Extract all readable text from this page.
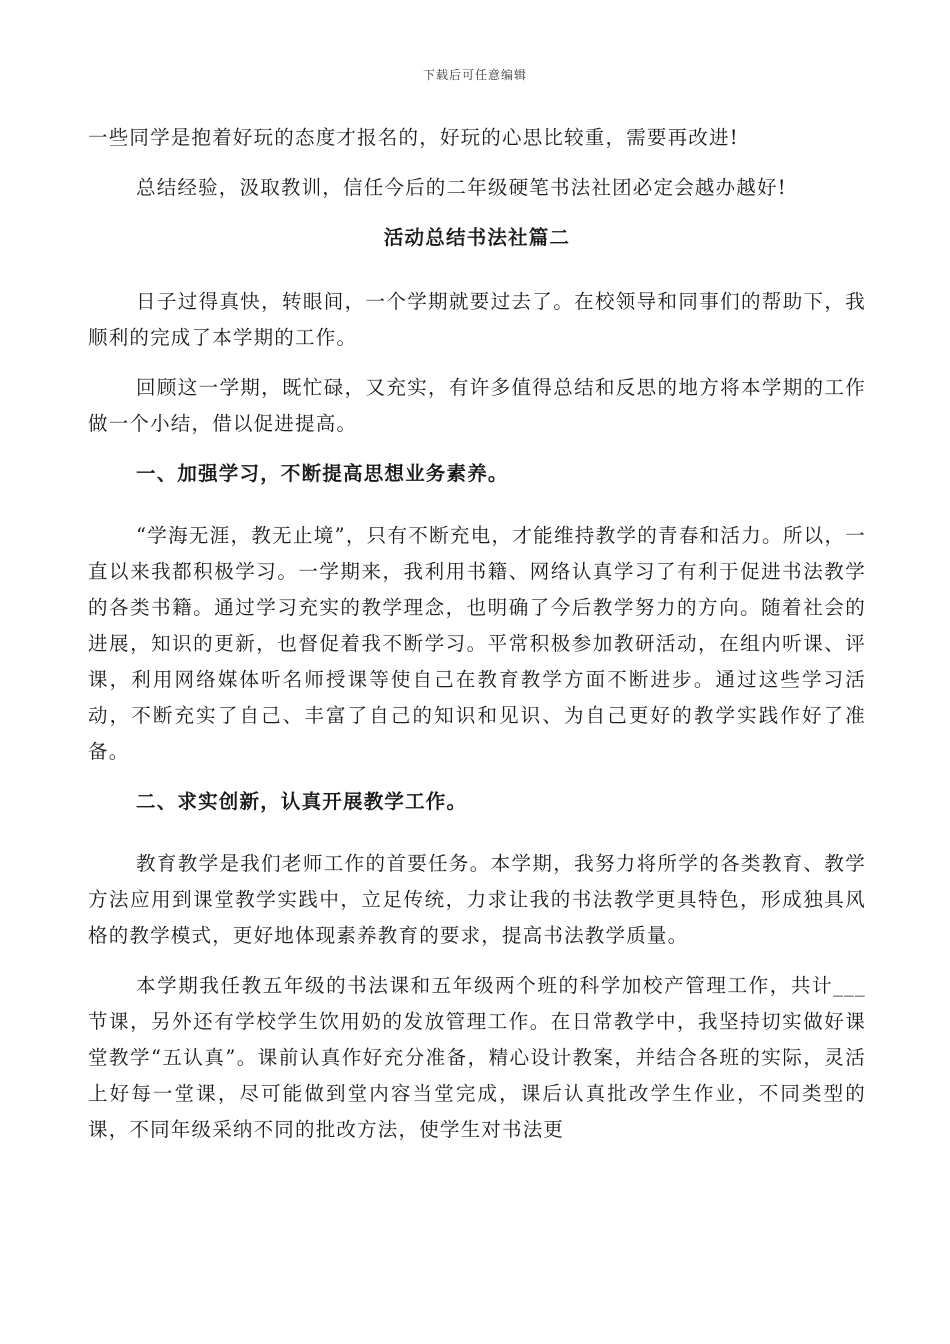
下载后可任意编辑

一些同学是抱着好玩的态度才报名的，好玩的心思比较重，需要再改进!

总结经验，汲取教训，信任今后的二年级硬笔书法社团必定会越办越好!

活动总结书法社篇二

日子过得真快，转眼间，一个学期就要过去了。在校领导和同事们的帮助下，我顺利的完成了本学期的工作。

回顾这一学期，既忙碌，又充实，有许多值得总结和反思的地方将本学期的工作做一个小结，借以促进提高。

一、加强学习，不断提高思想业务素养。

“学海无涯，教无止境”，只有不断充电，才能维持教学的青春和活力。所以，一直以来我都积极学习。一学期来，我利用书籍、网络认真学习了有利于促进书法教学的各类书籍。通过学习充实的教学理念，也明确了今后教学努力的方向。随着社会的进展，知识的更新，也督促着我不断学习。平常积极参加教研活动，在组内听课、评课，利用网络媒体听名师授课等使自己在教育教学方面不断进步。通过这些学习活动，不断充实了自己、丰富了自己的知识和见识、为自己更好的教学实践作好了准备。

二、求实创新，认真开展教学工作。

教育教学是我们老师工作的首要任务。本学期，我努力将所学的各类教育、教学方法应用到课堂教学实践中，立足传统，力求让我的书法教学更具特色，形成独具风格的教学模式，更好地体现素养教育的要求，提高书法教学质量。

本学期我任教五年级的书法课和五年级两个班的科学加校产管理工作，共计___节课，另外还有学校学生饮用奶的发放管理工作。在日常教学中，我坚持切实做好课堂教学“五认真”。课前认真作好充分准备，精心设计教案，并结合各班的实际，灵活上好每一堂课，尽可能做到堂内容当堂完成，课后认真批改学生作业，不同类型的课，不同年级采纳不同的批改方法，使学生对书法更
